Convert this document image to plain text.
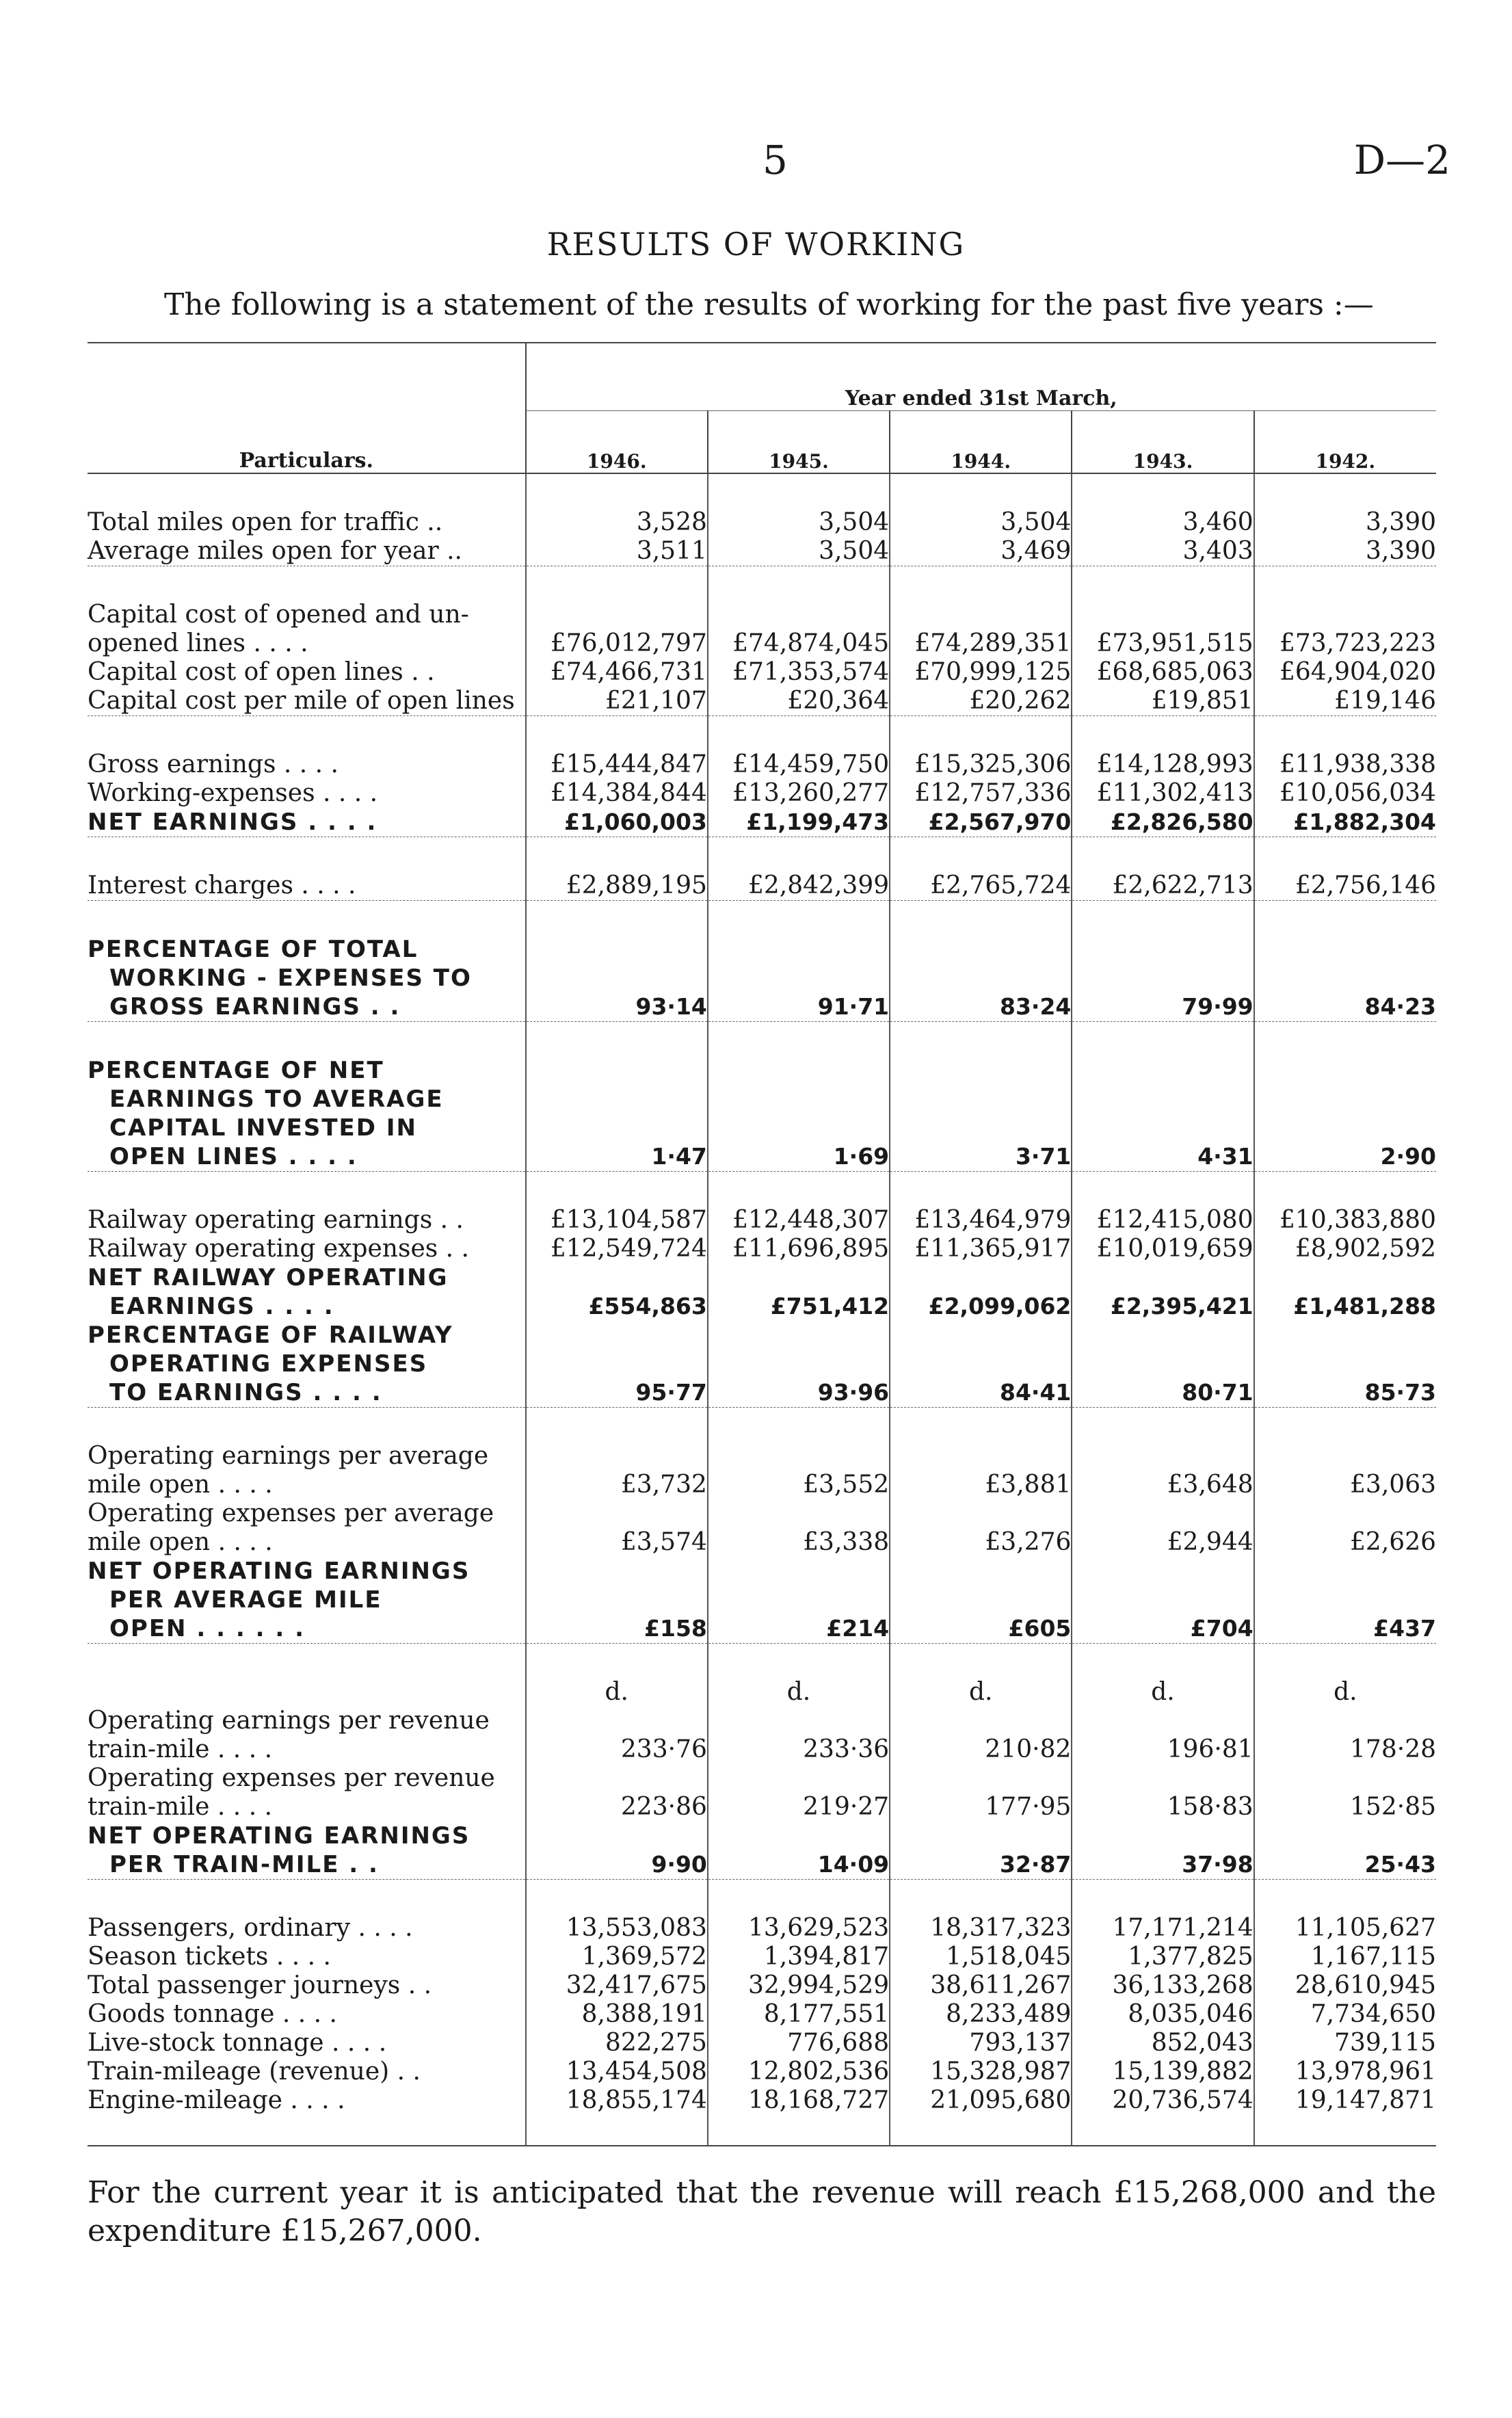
5	D—2
RESULTS OF WORKING
The following is a statement of the results of working for the past five years :—
Particulars.	Year ended 31st March,				
	1946.	1945.	1944.	1943.	1942.

Total miles open for traffic ..	3,528	3,504	3,504	3,460	3,390

Average miles open for year ..	3,511	3,504	3,469	3,403	3,390

Capital cost of opened and un-
opened lines . . . .	£76,012,797	£74,874,045	£74,289,351	£73,951,515	£73,723,223

Capital cost of open lines . .	£74,466,731	£71,353,574	£70,999,125	£68,685,063	£64,904,020

Capital cost per mile of open lines	£21,107	£20,364	£20,262	£19,851	£19,146

Gross earnings . . . .	£15,444,847	£14,459,750	£15,325,306	£14,128,993	£11,938,338

Working-expenses . . . .	£14,384,844	£13,260,277	£12,757,336	£11,302,413	£10,056,034

NET EARNINGS . . . .	£1,060,003	£1,199,473	£2,567,970	£2,826,580	£1,882,304

Interest charges . . . .	£2,889,195	£2,842,399	£2,765,724	£2,622,713	£2,756,146

PERCENTAGE OF TOTAL
WORKING - EXPENSES TO
GROSS EARNINGS . .	93·14	91·71	83·24	79·99	84·23

PERCENTAGE OF NET
EARNINGS TO AVERAGE
CAPITAL INVESTED IN
OPEN LINES . . . .	1·47	1·69	3·71	4·31	2·90

Railway operating earnings . .	£13,104,587	£12,448,307	£13,464,979	£12,415,080	£10,383,880

Railway operating expenses . .	£12,549,724	£11,696,895	£11,365,917	£10,019,659	£8,902,592

NET RAILWAY OPERATING
EARNINGS . . . .	£554,863	£751,412	£2,099,062	£2,395,421	£1,481,288

PERCENTAGE OF RAILWAY
OPERATING EXPENSES
TO EARNINGS . . . .	95·77	93·96	84·41	80·71	85·73

Operating earnings per average
mile open . . . .	£3,732	£3,552	£3,881	£3,648	£3,063

Operating expenses per average
mile open . . . .	£3,574	£3,338	£3,276	£2,944	£2,626

NET OPERATING EARNINGS
PER AVERAGE MILE
OPEN . . . . . .	£158	£214	£605	£704	£437

	d.	d.	d.	d.	d.

Operating earnings per revenue
train-mile . . . .	233·76	233·36	210·82	196·81	178·28

Operating expenses per revenue
train-mile . . . .	223·86	219·27	177·95	158·83	152·85

NET OPERATING EARNINGS
PER TRAIN-MILE . .	9·90	14·09	32·87	37·98	25·43

Passengers, ordinary . . . .	13,553,083	13,629,523	18,317,323	17,171,214	11,105,627

Season tickets . . . .	1,369,572	1,394,817	1,518,045	1,377,825	1,167,115

Total passenger journeys . .	32,417,675	32,994,529	38,611,267	36,133,268	28,610,945

Goods tonnage . . . .	8,388,191	8,177,551	8,233,489	8,035,046	7,734,650

Live-stock tonnage . . . .	822,275	776,688	793,137	852,043	739,115

Train-mileage (revenue) . .	13,454,508	12,802,536	15,328,987	15,139,882	13,978,961

Engine-mileage . . . .	18,855,174	18,168,727	21,095,680	20,736,574	19,147,871

For the current year it is anticipated that the revenue will reach £15,268,000 and the expenditure £15,267,000.
